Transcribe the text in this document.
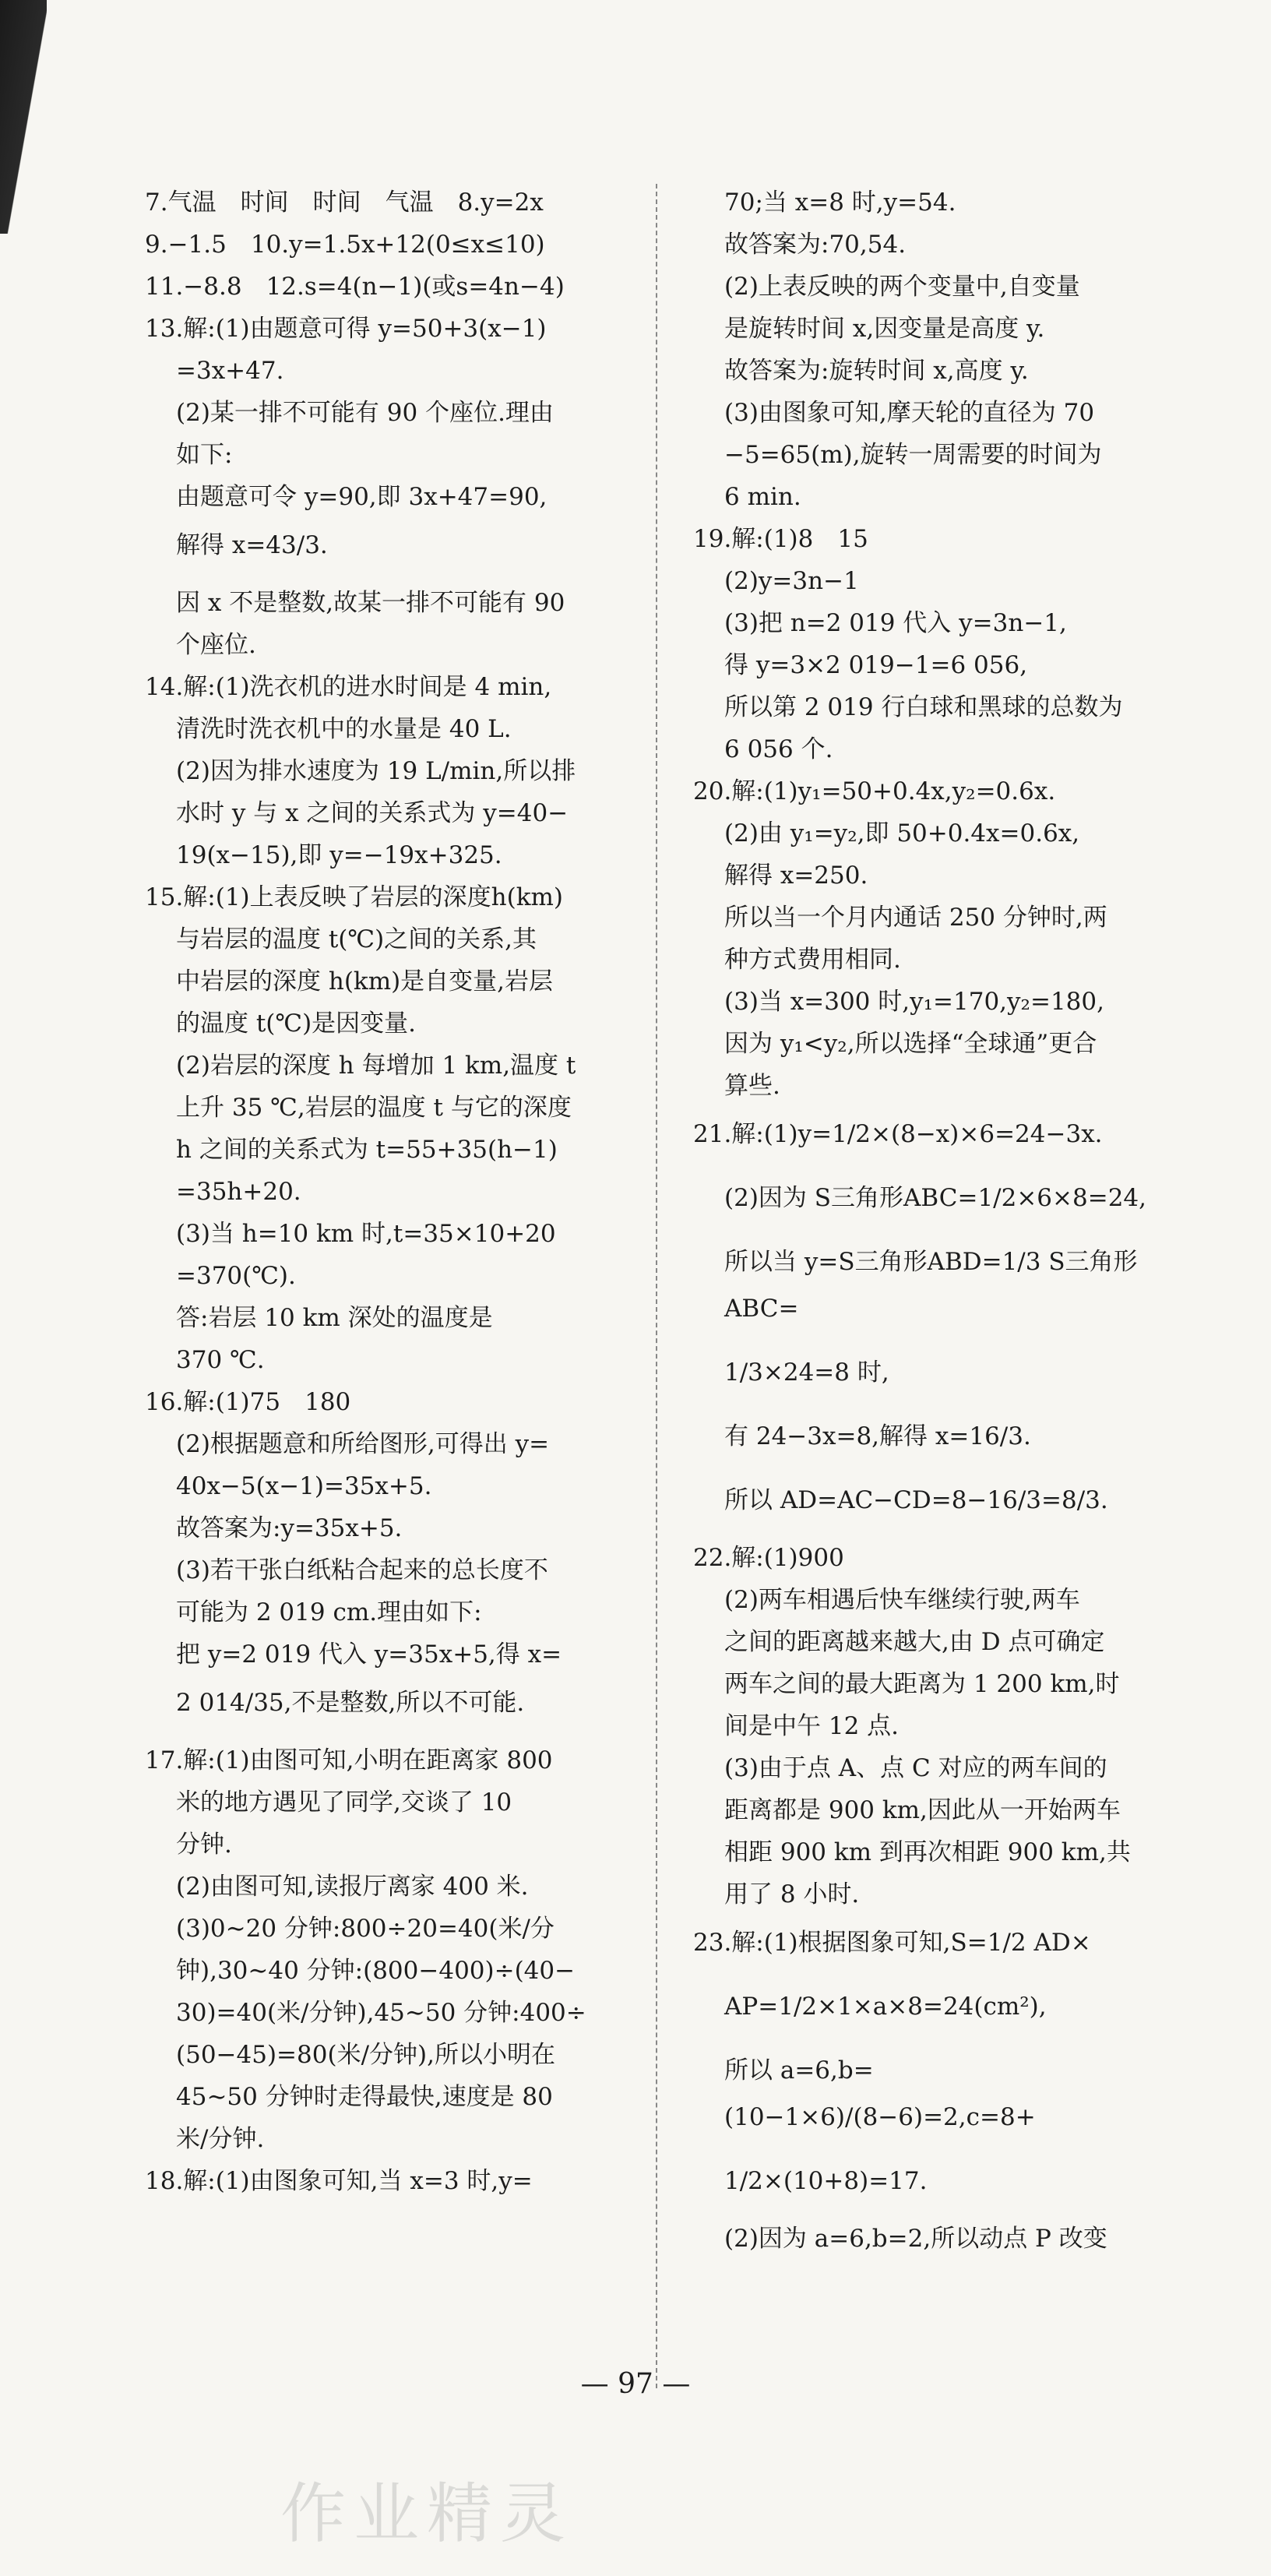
7.气温　时间　时间　气温　8.y=2x
9.−1.5　10.y=1.5x+12(0≤x≤10)
11.−8.8　12.s=4(n−1)(或s=4n−4)
13.解:(1)由题意可得 y=50+3(x−1)
=3x+47.
(2)某一排不可能有 90 个座位.理由
如下:
由题意可令 y=90,即 3x+47=90,
解得 x=43/3.
因 x 不是整数,故某一排不可能有 90
个座位.
14.解:(1)洗衣机的进水时间是 4 min,
清洗时洗衣机中的水量是 40 L.
(2)因为排水速度为 19 L/min,所以排
水时 y 与 x 之间的关系式为 y=40−
19(x−15),即 y=−19x+325.
15.解:(1)上表反映了岩层的深度h(km)
与岩层的温度 t(℃)之间的关系,其
中岩层的深度 h(km)是自变量,岩层
的温度 t(℃)是因变量.
(2)岩层的深度 h 每增加 1 km,温度 t
上升 35 ℃,岩层的温度 t 与它的深度
h 之间的关系式为 t=55+35(h−1)
=35h+20.
(3)当 h=10 km 时,t=35×10+20
=370(℃).
答:岩层 10 km 深处的温度是
370 ℃.
16.解:(1)75　180
(2)根据题意和所给图形,可得出 y=
40x−5(x−1)=35x+5.
故答案为:y=35x+5.
(3)若干张白纸粘合起来的总长度不
可能为 2 019 cm.理由如下:
把 y=2 019 代入 y=35x+5,得 x=
2 014/35,不是整数,所以不可能.
17.解:(1)由图可知,小明在距离家 800
米的地方遇见了同学,交谈了 10
分钟.
(2)由图可知,读报厅离家 400 米.
(3)0∼20 分钟:800÷20=40(米/分
钟),30∼40 分钟:(800−400)÷(40−
30)=40(米/分钟),45∼50 分钟:400÷
(50−45)=80(米/分钟),所以小明在
45∼50 分钟时走得最快,速度是 80
米/分钟.
18.解:(1)由图象可知,当 x=3 时,y=
70;当 x=8 时,y=54.
故答案为:70,54.
(2)上表反映的两个变量中,自变量
是旋转时间 x,因变量是高度 y.
故答案为:旋转时间 x,高度 y.
(3)由图象可知,摩天轮的直径为 70
−5=65(m),旋转一周需要的时间为
6 min.
19.解:(1)8　15
(2)y=3n−1
(3)把 n=2 019 代入 y=3n−1,
得 y=3×2 019−1=6 056,
所以第 2 019 行白球和黑球的总数为
6 056 个.
20.解:(1)y₁=50+0.4x,y₂=0.6x.
(2)由 y₁=y₂,即 50+0.4x=0.6x,
解得 x=250.
所以当一个月内通话 250 分钟时,两
种方式费用相同.
(3)当 x=300 时,y₁=170,y₂=180,
因为 y₁<y₂,所以选择“全球通”更合
算些.
21.解:(1)y=1/2×(8−x)×6=24−3x.
(2)因为 S三角形ABC=1/2×6×8=24,
所以当 y=S三角形ABD=1/3 S三角形ABC=
1/3×24=8 时,
有 24−3x=8,解得 x=16/3.
所以 AD=AC−CD=8−16/3=8/3.
22.解:(1)900
(2)两车相遇后快车继续行驶,两车
之间的距离越来越大,由 D 点可确定
两车之间的最大距离为 1 200 km,时
间是中午 12 点.
(3)由于点 A、点 C 对应的两车间的
距离都是 900 km,因此从一开始两车
相距 900 km 到再次相距 900 km,共
用了 8 小时.
23.解:(1)根据图象可知,S=1/2 AD×
AP=1/2×1×a×8=24(cm²),
所以 a=6,b=(10−1×6)/(8−6)=2,c=8+
1/2×(10+8)=17.
(2)因为 a=6,b=2,所以动点 P 改变
— 97 —
作业精灵
